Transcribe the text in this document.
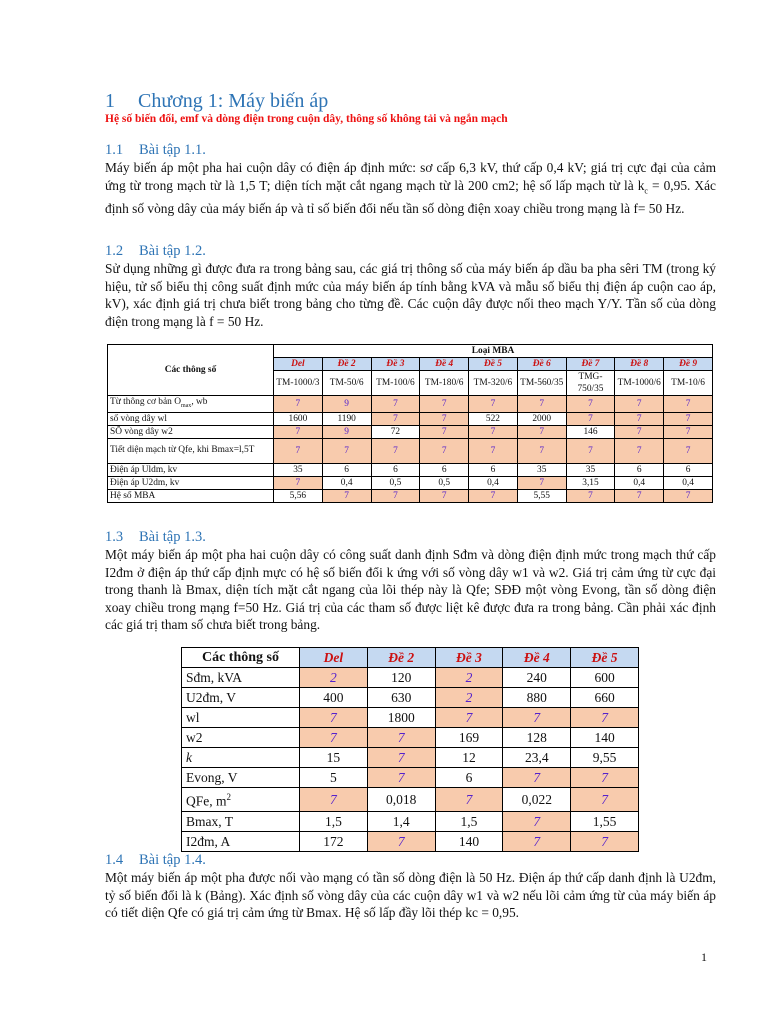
1 Chương 1: Máy biến áp
Hệ số biến đổi, emf và dòng điện trong cuộn dây, thông số không tải và ngắn mạch
1.1 Bài tập 1.1.
Máy biến áp một pha hai cuộn dây có điện áp định mức: sơ cấp 6,3 kV, thứ cấp 0,4 kV; giá trị cực đại của cảm ứng từ trong mạch từ là 1,5 T; diện tích mặt cắt ngang mạch từ là 200 cm2; hệ số lấp mạch từ là $k_c = 0,95$. Xác định số vòng dây của máy biến áp và tỉ số biến đổi nếu tần số dòng điện xoay chiều trong mạng là f= 50 Hz.
1.2 Bài tập 1.2.
Sử dụng những gì được đưa ra trong bảng sau, các giá trị thông số của máy biến áp dầu ba pha sêri TM (trong ký hiệu, tử số biểu thị công suất định mức của máy biến áp tính bằng kVA và mẫu số biểu thị điện áp cuộn cao áp, kV), xác định giá trị chưa biết trong bảng cho từng đề. Các cuộn dây được nối theo mạch Y/Y. Tần số của dòng điện trong mạng là f = 50 Hz.
Các thông số	Loại MBA								
	Del	Đề 2	Đề 3	Đề 4	Đề 5	Đề 6	Đề 7	Đề 8	Đề 9
	TM-1000/3	TM-50/6	TM-100/6	TM-180/6	TM-320/6	TM-560/35	TMG-750/35	TM-1000/6	TM-10/6
Từ thông cơ bản $O_{max}$, wb	7	9	7	7	7	7	7	7	7
số vòng dây wl	1600	1190	7	7	522	2000	7	7	7
SÔ vòng dây w2	7	9	72	7	7	7	146	7	7
Tiết diện mạch từ Qfe, khi Bmax=l,5T	7	7	7	7	7	7	7	7	7
Điện áp Uldm, kv	35	6	6	6	6	35	35	6	6
Điện áp U2dm, kv	7	0,4	0,5	0,5	0,4	7	3,15	0,4	0,4
Hệ số MBA	5,56	7	7	7	7	5,55	7	7	7
1.3 Bài tập 1.3.
Một máy biến áp một pha hai cuộn dây có công suất danh định Sđm và dòng điện định mức trong mạch thứ cấp I2đm ở điện áp thứ cấp định mực có hệ số biến đổi k ứng với số vòng dây w1 và w2. Giá trị cảm ứng từ cực đại trong thanh là Bmax, diện tích mặt cắt ngang của lõi thép này là Qfe; SĐĐ một vòng Evong, tần số dòng điện xoay chiều trong mạng f=50 Hz. Giá trị của các tham số được liệt kê được đưa ra trong bảng. Cần phải xác định các giá trị tham số chưa biết trong bảng.
Các thông số	Del	Đề 2	Đề 3	Đề 4	Đề 5
Sđm, kVA	2	120	2	240	600
U2đm, V	400	630	2	880	660
wl	7	1800	7	7	7
w2	7	7	169	128	140
k	15	7	12	23,4	9,55
Evong, V	5	7	6	7	7
QFe, $m^2$	7	0,018	7	0,022	7
Bmax, T	1,5	1,4	1,5	7	1,55
I2đm, A	172	7	140	7	7
1.4 Bài tập 1.4.
Một máy biến áp một pha được nối vào mạng có tần số dòng điện là 50 Hz. Điện áp thứ cấp danh định là U2đm, tỷ số biến đổi là k (Bảng). Xác định số vòng dây của các cuộn dây w1 và w2 nếu lõi cảm ứng từ của máy biến áp có tiết diện Qfe có giá trị cảm ứng từ Bmax. Hệ số lấp đầy lõi thép kc = 0,95.
1
